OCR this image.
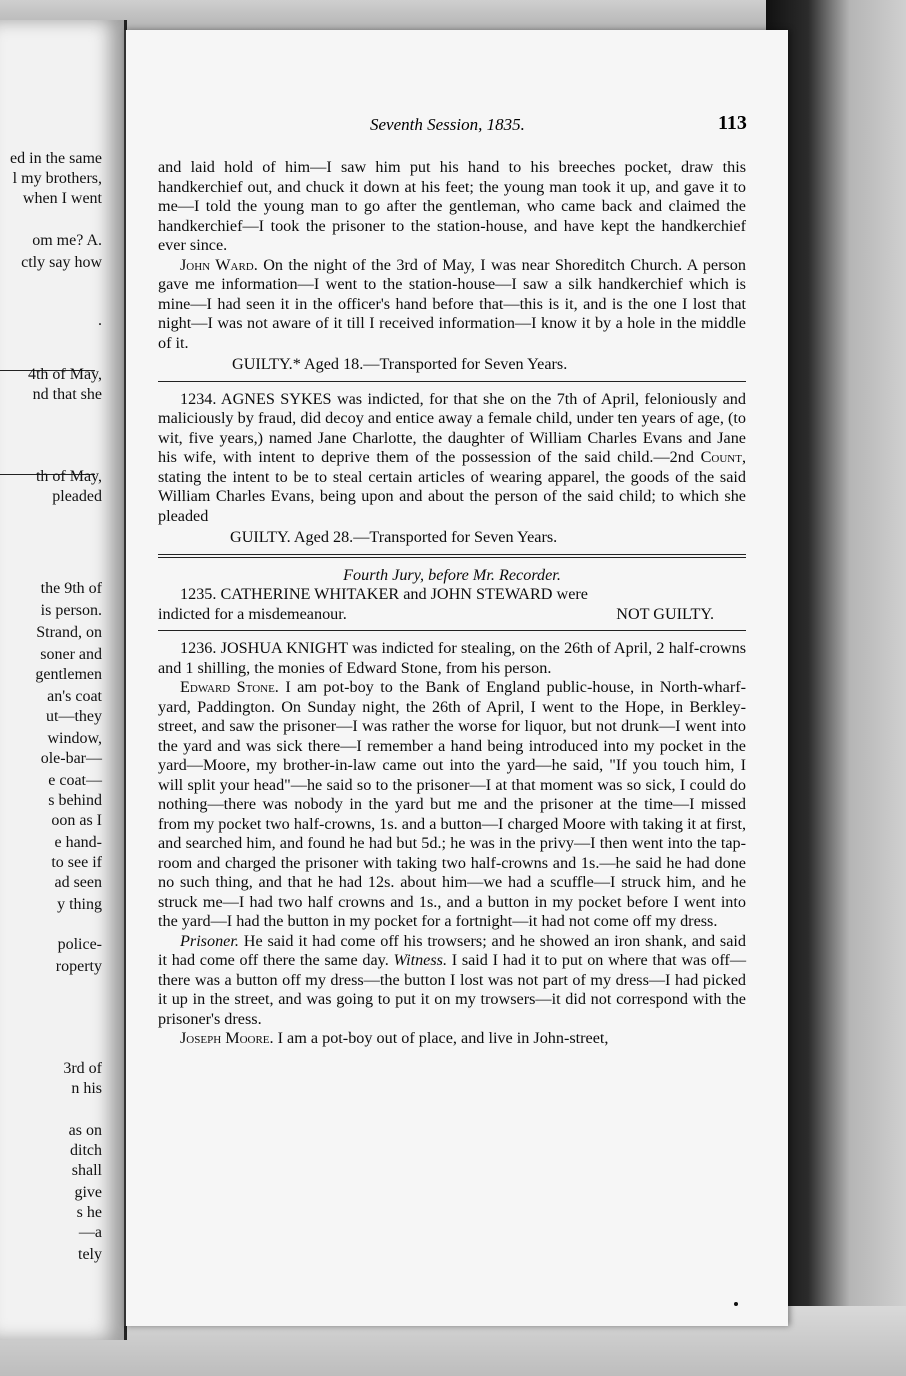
ed in the same
l my brothers,
when I went
om me? A.
ctly say how
.
4th of May,
nd that she
th of May,
pleaded
the 9th of
is person.
Strand, on
soner and
gentlemen
an's coat
ut—they
window,
ole-bar—
e coat—
s behind
oon as I
e hand-
to see if
ad seen
y thing
police-
roperty
3rd of
n his
as on
ditch
shall
give
s he
—a
tely
Seventh Session, 1835.	113

and laid hold of him—I saw him put his hand to his breeches pocket, draw this handkerchief out, and chuck it down at his feet; the young man took it up, and gave it to me—I told the young man to go after the gentleman, who came back and claimed the handkerchief—I took the prisoner to the station-house, and have kept the handkerchief ever since.

John Ward. On the night of the 3rd of May, I was near Shoreditch Church. A person gave me information—I went to the station-house—I saw a silk handkerchief which is mine—I had seen it in the officer's hand before that—this is it, and is the one I lost that night—I was not aware of it till I received information—I know it by a hole in the middle of it.

GUILTY.* Aged 18.—Transported for Seven Years.

1234. AGNES SYKES was indicted, for that she on the 7th of April, feloniously and maliciously by fraud, did decoy and entice away a female child, under ten years of age, (to wit, five years,) named Jane Charlotte, the daughter of William Charles Evans and Jane his wife, with intent to deprive them of the possession of the said child.—2nd Count, stating the intent to be to steal certain articles of wearing apparel, the goods of the said William Charles Evans, being upon and about the person of the said child; to which she pleaded

GUILTY. Aged 28.—Transported for Seven Years.

Fourth Jury, before Mr. Recorder.

1235. CATHERINE WHITAKER and JOHN STEWARD were

indicted for a misdemeanour.	NOT GUILTY.

1236. JOSHUA KNIGHT was indicted for stealing, on the 26th of April, 2 half-crowns and 1 shilling, the monies of Edward Stone, from his person.

Edward Stone. I am pot-boy to the Bank of England public-house, in North-wharf-yard, Paddington. On Sunday night, the 26th of April, I went to the Hope, in Berkley-street, and saw the prisoner—I was rather the worse for liquor, but not drunk—I went into the yard and was sick there—I remember a hand being introduced into my pocket in the yard—Moore, my brother-in-law came out into the yard—he said, "If you touch him, I will split your head"—he said so to the prisoner—I at that moment was so sick, I could do nothing—there was nobody in the yard but me and the prisoner at the time—I missed from my pocket two half-crowns, 1s. and a button—I charged Moore with taking it at first, and searched him, and found he had but 5d.; he was in the privy—I then went into the tap-room and charged the prisoner with taking two half-crowns and 1s.—he said he had done no such thing, and that he had 12s. about him—we had a scuffle—I struck him, and he struck me—I had two half crowns and 1s., and a button in my pocket before I went into the yard—I had the button in my pocket for a fortnight—it had not come off my dress.

Prisoner. He said it had come off his trowsers; and he showed an iron shank, and said it had come off there the same day. Witness. I said I had it to put on where that was off—there was a button off my dress—the button I lost was not part of my dress—I had picked it up in the street, and was going to put it on my trowsers—it did not correspond with the prisoner's dress.

Joseph Moore. I am a pot-boy out of place, and live in John-street,
